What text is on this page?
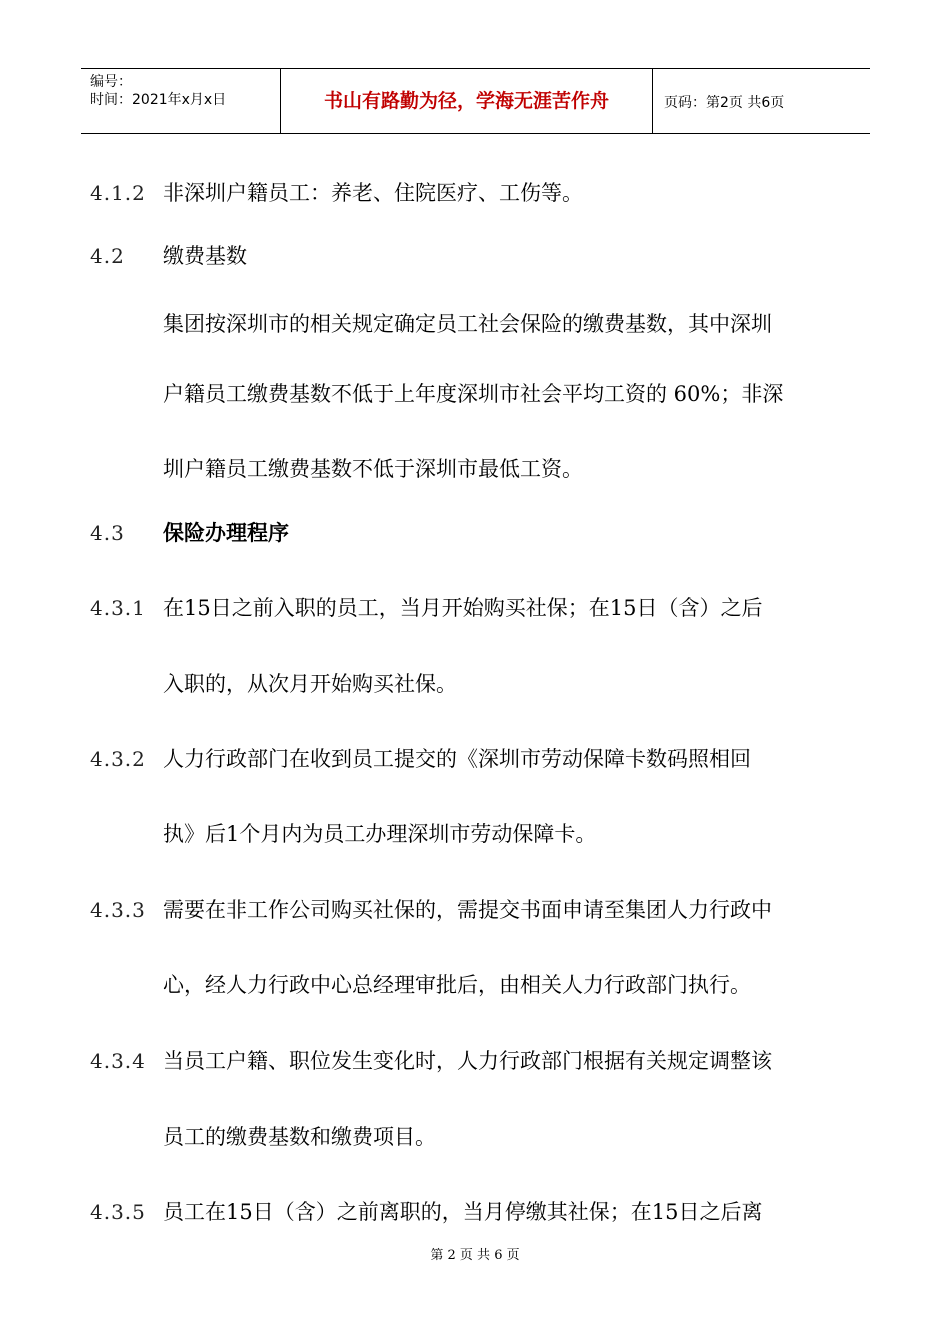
编号：
时间：2021年x月x日	书山有路勤为径，学海无涯苦作舟	页码：第2页 共6页
4.1.2 非深圳户籍员工：养老、住院医疗、工伤等。
4.2 缴费基数
集团按深圳市的相关规定确定员工社会保险的缴费基数，其中深圳
户籍员工缴费基数不低于上年度深圳市社会平均工资的 60%；非深
圳户籍员工缴费基数不低于深圳市最低工资。
4.3 保险办理程序
4.3.1 在15日之前入职的员工，当月开始购买社保；在15日（含）之后
入职的，从次月开始购买社保。
4.3.2 人力行政部门在收到员工提交的《深圳市劳动保障卡数码照相回
执》后1个月内为员工办理深圳市劳动保障卡。
4.3.3 需要在非工作公司购买社保的，需提交书面申请至集团人力行政中
心，经人力行政中心总经理审批后，由相关人力行政部门执行。
4.3.4 当员工户籍、职位发生变化时，人力行政部门根据有关规定调整该
员工的缴费基数和缴费项目。
4.3.5 员工在15日（含）之前离职的，当月停缴其社保；在15日之后离
第 2 页 共 6 页
